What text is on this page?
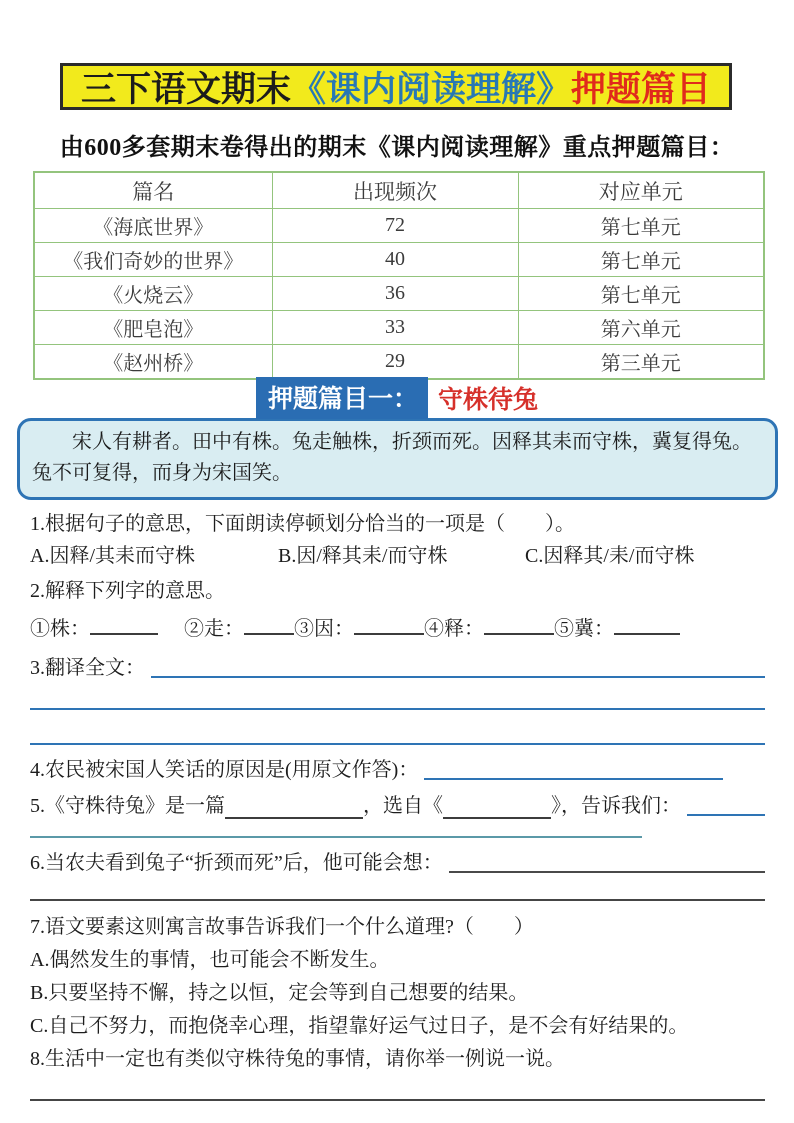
三下语文期末 《课内阅读理解》 押题篇目
由600多套期末卷得出的期末《课内阅读理解》重点押题篇目：
篇名	出现频次	对应单元
《海底世界》	72	第七单元
《我们奇妙的世界》	40	第七单元
《火烧云》	36	第七单元
《肥皂泡》	33	第六单元
《赵州桥》	29	第三单元
押题篇目一： 守株待兔

宋人有耕者。田中有株。兔走触株，折颈而死。因释其耒而守株，冀复得兔。兔不可复得，而身为宋国笑。

1.根据句子的意思，下面朗读停顿划分恰当的一项是（　　）。
A.因释/其耒而守株	B.因/释其耒/而守株	C.因释其/耒/而守株
2.解释下列字的意思。
①株：	②走：	③因：	④释：	⑤冀：
3.翻译全文：
4.农民被宋国人笑话的原因是(用原文作答)：
5.《守株待兔》是一篇	，选自《	》，告诉我们：
6.当农夫看到兔子“折颈而死”后，他可能会想：
7.语文要素这则寓言故事告诉我们一个什么道理?（　　）
A.偶然发生的事情，也可能会不断发生。
B.只要坚持不懈，持之以恒，定会等到自己想要的结果。
C.自己不努力，而抱侥幸心理，指望靠好运气过日子，是不会有好结果的。
8.生活中一定也有类似守株待兔的事情，请你举一例说一说。
